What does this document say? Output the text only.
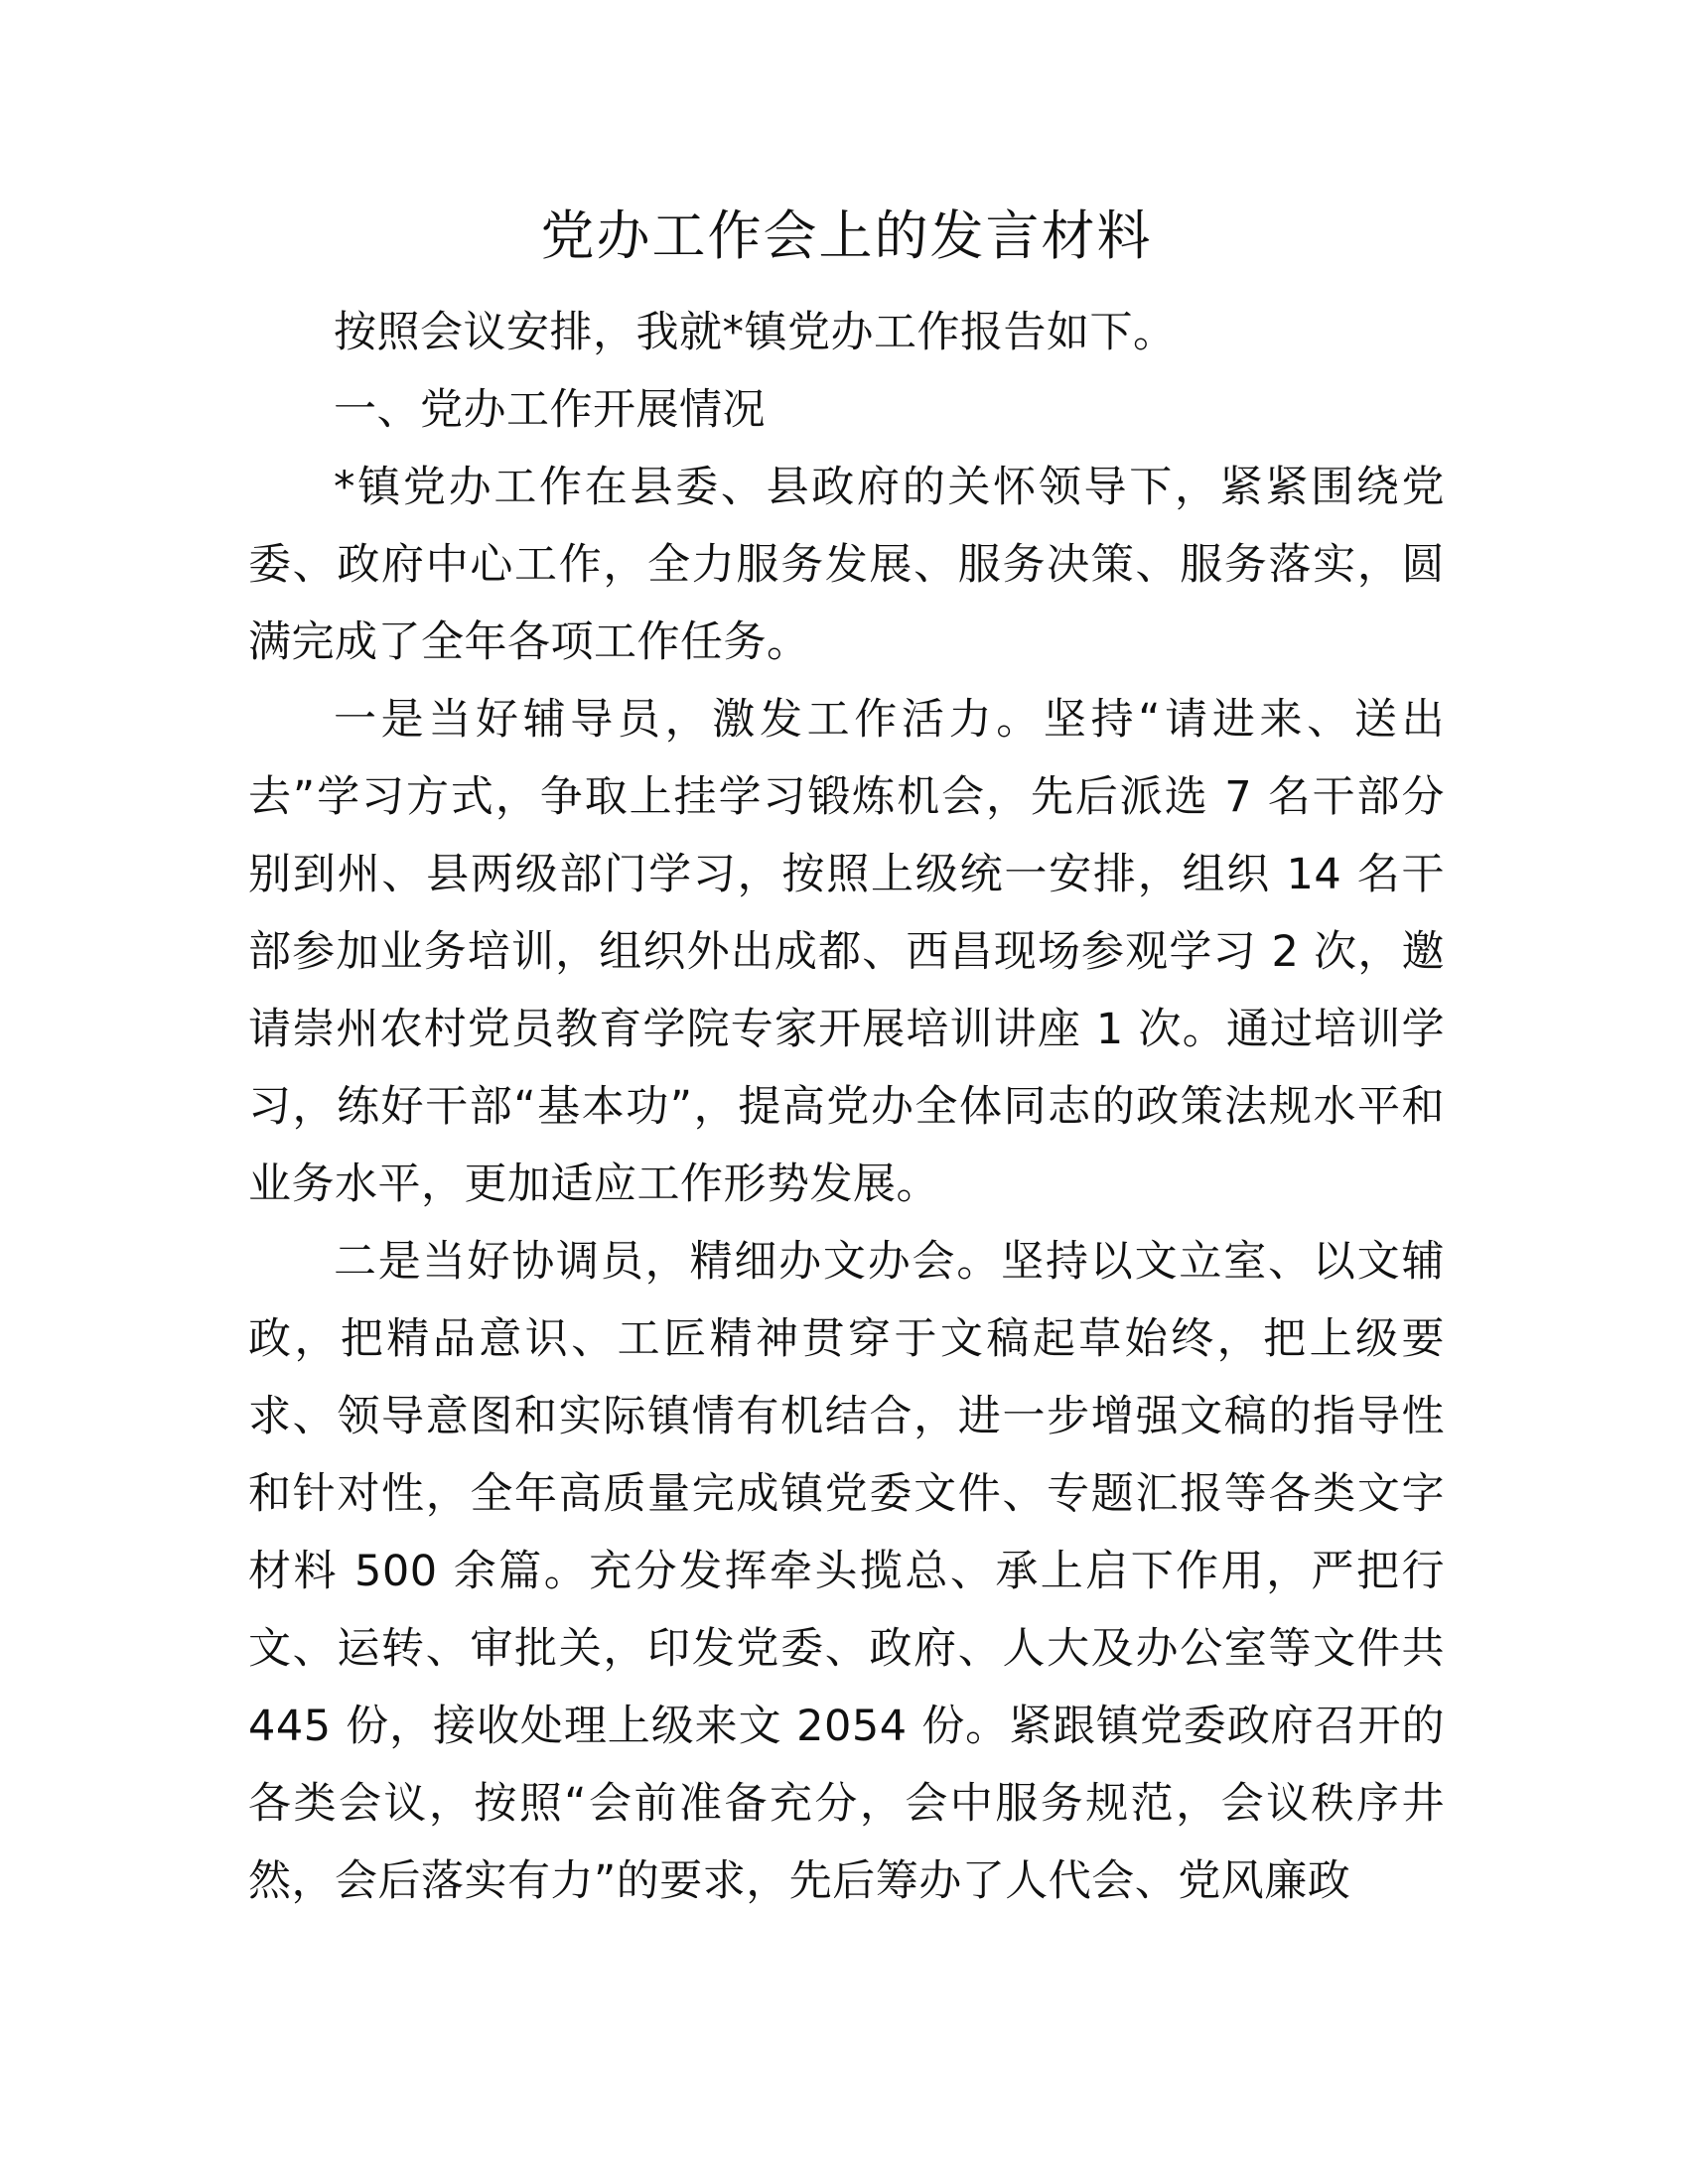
党办工作会上的发言材料

按照会议安排，我就*镇党办工作报告如下。

一、党办工作开展情况

*镇党办工作在县委、县政府的关怀领导下，紧紧围绕党委、政府中心工作，全力服务发展、服务决策、服务落实，圆满完成了全年各项工作任务。

一是当好辅导员，激发工作活力。坚持“请进来、送出去”学习方式，争取上挂学习锻炼机会，先后派选 7 名干部分别到州、县两级部门学习，按照上级统一安排，组织 14 名干部参加业务培训，组织外出成都、西昌现场参观学习 2 次，邀请崇州农村党员教育学院专家开展培训讲座 1 次。通过培训学习，练好干部“基本功”，提高党办全体同志的政策法规水平和业务水平，更加适应工作形势发展。

二是当好协调员，精细办文办会。坚持以文立室、以文辅政，把精品意识、工匠精神贯穿于文稿起草始终，把上级要求、领导意图和实际镇情有机结合，进一步增强文稿的指导性和针对性，全年高质量完成镇党委文件、专题汇报等各类文字材料 500 余篇。充分发挥牵头揽总、承上启下作用，严把行文、运转、审批关，印发党委、政府、人大及办公室等文件共 445 份，接收处理上级来文 2054 份。紧跟镇党委政府召开的各类会议，按照“会前准备充分，会中服务规范，会议秩序井然，会后落实有力”的要求，先后筹办了人代会、党风廉政
